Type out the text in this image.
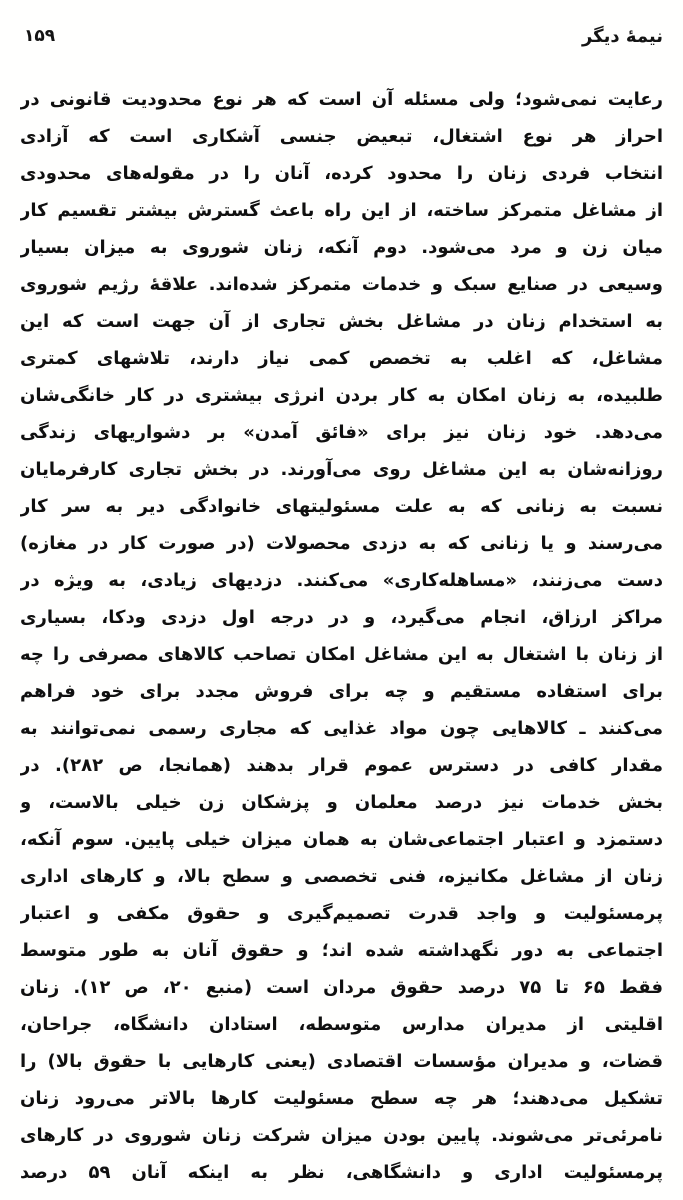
نیمهٔ دیگر
۱۵۹
رعایت نمی‌شود؛ ولی مسئله آن است که هر نوع محدودیت قانونی در
احراز هر نوع اشتغال، تبعیض جنسی آشکاری است که آزادی
انتخاب فردی زنان را محدود کرده، آنان را در مقوله‌های محدودی
از مشاغل متمرکز ساخته، از این راه باعث گسترش بیشتر تقسیم کار
میان زن و مرد می‌شود. دوم آنکه، زنان شوروی به میزان بسیار
وسیعی در صنایع سبک و خدمات متمرکز شده‌اند. علاقهٔ رژیم شوروی
به استخدام زنان در مشاغل بخش تجاری از آن جهت است که این
مشاغل، که اغلب به تخصص کمی نیاز دارند، تلاشهای کمتری
طلبیده، به زنان امکان به کار بردن انرژی بیشتری در کار خانگی‌شان
می‌دهد. خود زنان نیز برای «فائق آمدن» بر دشواریهای زندگی
روزانه‌شان به این مشاغل روی می‌آورند. در بخش تجاری کارفرمایان
نسبت به زنانی که به علت مسئولیتهای خانوادگی دیر به سر کار
می‌رسند و یا زنانی که به دزدی محصولات (در صورت کار در مغازه)
دست می‌زنند، «مساهله‌کاری» می‌کنند. دزدیهای زیادی، به ویژه در
مراکز ارزاق، انجام می‌گیرد، و در درجه اول دزدی ودکا، بسیاری
از زنان با اشتغال به این مشاغل امکان تصاحب کالاهای مصرفی را چه
برای استفاده مستقیم و چه برای فروش مجدد برای خود فراهم
می‌کنند ـ کالاهایی چون مواد غذایی که مجاری رسمی نمی‌توانند به
مقدار کافی در دسترس عموم قرار بدهند (همانجا، ص ۲۸۲). در
بخش خدمات نیز درصد معلمان و پزشکان زن خیلی بالاست، و
دستمزد و اعتبار اجتماعی‌شان به همان میزان خیلی پایین. سوم آنکه،
زنان از مشاغل مکانیزه، فنی تخصصی و سطح بالا، و کارهای اداری
پرمسئولیت و واجد قدرت تصمیم‌گیری و حقوق مکفی و اعتبار
اجتماعی به دور نگهداشته شده اند؛ و حقوق آنان به طور متوسط
فقط ۶۵ تا ۷۵ درصد حقوق مردان است (منبع ۲۰، ص ۱۲). زنان
اقلیتی از مدیران مدارس متوسطه، استادان دانشگاه، جراحان،
قضات، و مدیران مؤسسات اقتصادی (یعنی کارهایی با حقوق بالا) را
تشکیل می‌دهند؛ هر چه سطح مسئولیت کارها بالاتر می‌رود زنان
نامرئی‌تر می‌شوند. پایین بودن میزان شرکت زنان شوروی در کارهای
پرمسئولیت اداری و دانشگاهی، نظر به اینکه آنان ۵۹ درصد
